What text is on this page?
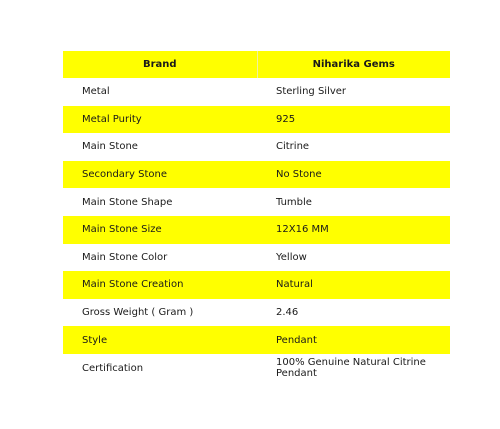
Brand	Niharika Gems
Metal	Sterling Silver
Metal Purity	925
Main Stone	Citrine
Secondary Stone	No Stone
Main Stone Shape	Tumble
Main Stone Size	12X16 MM
Main Stone Color	Yellow
Main Stone Creation	Natural
Gross Weight ( Gram )	2.46
Style	Pendant
Certification	100% Genuine Natural Citrine Pendant
